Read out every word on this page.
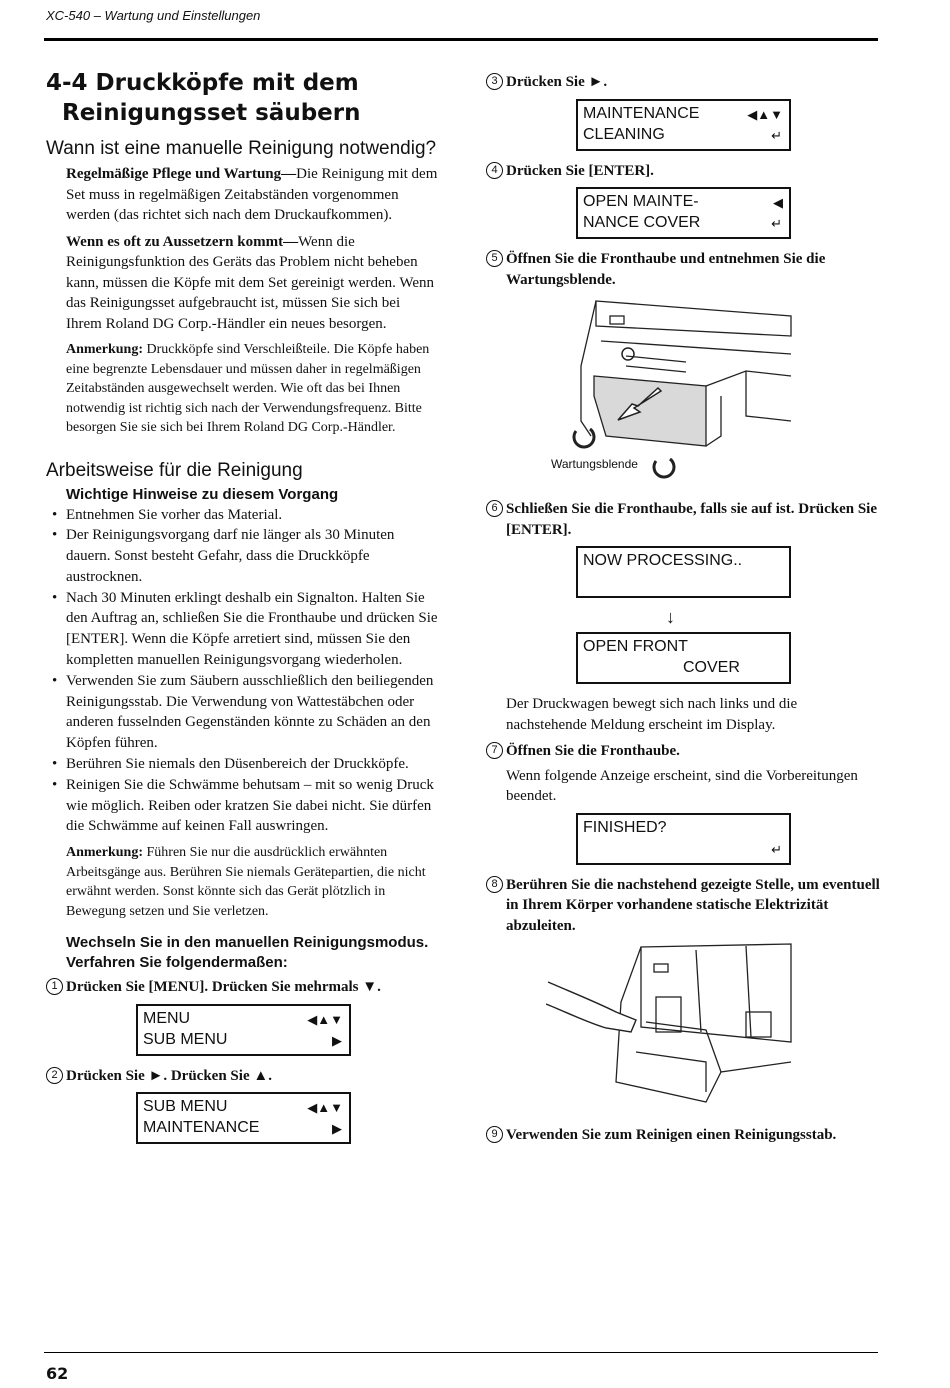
XC-540 – Wartung und Einstellungen
4-4 Druckköpfe mit dem Reinigungsset säubern
Wann ist eine manuelle Reinigung notwendig?

Regelmäßige Pflege und Wartung—Die Reinigung mit dem Set muss in regelmäßigen Zeitabständen vorgenommen werden (das richtet sich nach dem Druckaufkommen).

Wenn es oft zu Aussetzern kommt—Wenn die Reinigungsfunktion des Geräts das Problem nicht beheben kann, müssen die Köpfe mit dem Set gereinigt werden. Wenn das Reinigungsset aufgebraucht ist, müssen Sie sich bei Ihrem Roland DG Corp.-Händler ein neues besorgen.

Anmerkung: Druckköpfe sind Verschleißteile. Die Köpfe haben eine begrenzte Lebensdauer und müssen daher in regelmäßigen Zeitabständen ausgewechselt werden. Wie oft das bei Ihnen notwendig ist richtig sich nach der Verwendungsfrequenz. Bitte besorgen Sie sie sich bei Ihrem Roland DG Corp.-Händler.

Arbeitsweise für die Reinigung
Wichtige Hinweise zu diesem Vorgang
• Entnehmen Sie vorher das Material.
• Der Reinigungsvorgang darf nie länger als 30 Minuten dauern. Sonst besteht Gefahr, dass die Druckköpfe austrocknen.
• Nach 30 Minuten erklingt deshalb ein Signalton. Halten Sie den Auftrag an, schließen Sie die Fronthaube und drücken Sie [ENTER]. Wenn die Köpfe arretiert sind, müssen Sie den kompletten manuellen Reinigungsvorgang wiederholen.
• Verwenden Sie zum Säubern ausschließlich den beiliegenden Reinigungsstab. Die Verwendung von Wattestäbchen oder anderen fusselnden Gegenständen könnte zu Schäden an den Köpfen führen.
• Berühren Sie niemals den Düsenbereich der Druckköpfe.
• Reinigen Sie die Schwämme behutsam – mit so wenig Druck wie möglich. Reiben oder kratzen Sie dabei nicht. Sie dürfen die Schwämme auf keinen Fall auswringen.

Anmerkung: Führen Sie nur die ausdrücklich erwähnten Arbeitsgänge aus. Berühren Sie niemals Gerätepartien, die nicht erwähnt werden. Sonst könnte sich das Gerät plötzlich in Bewegung setzen und Sie verletzen.

Wechseln Sie in den manuellen Reinigungsmodus. Verfahren Sie folgendermaßen:
1 Drücken Sie [MENU]. Drücken Sie mehrmals ▼.
MENU
SUB MENU
◀▲▼
▶
2 Drücken Sie ►. Drücken Sie ▲.
SUB MENU
MAINTENANCE
◀▲▼
▶
3 Drücken Sie ►.
MAINTENANCE
CLEANING
◀▲▼
↵
4 Drücken Sie [ENTER].
OPEN MAINTE-
NANCE COVER
◀
↵
5 Öffnen Sie die Fronthaube und entnehmen Sie die Wartungsblende.
Wartungsblende
6 Schließen Sie die Fronthaube, falls sie auf ist. Drücken Sie [ENTER].
NOW PROCESSING..
↓
OPEN FRONT
COVER

Der Druckwagen bewegt sich nach links und die nachstehende Meldung erscheint im Display.

7 Öffnen Sie die Fronthaube.

Wenn folgende Anzeige erscheint, sind die Vorbereitungen beendet.

FINISHED?
↵
8 Berühren Sie die nachstehend gezeigte Stelle, um eventuell in Ihrem Körper vorhandene statische Elektrizität abzuleiten.
9 Verwenden Sie zum Reinigen einen Reinigungsstab.
62
